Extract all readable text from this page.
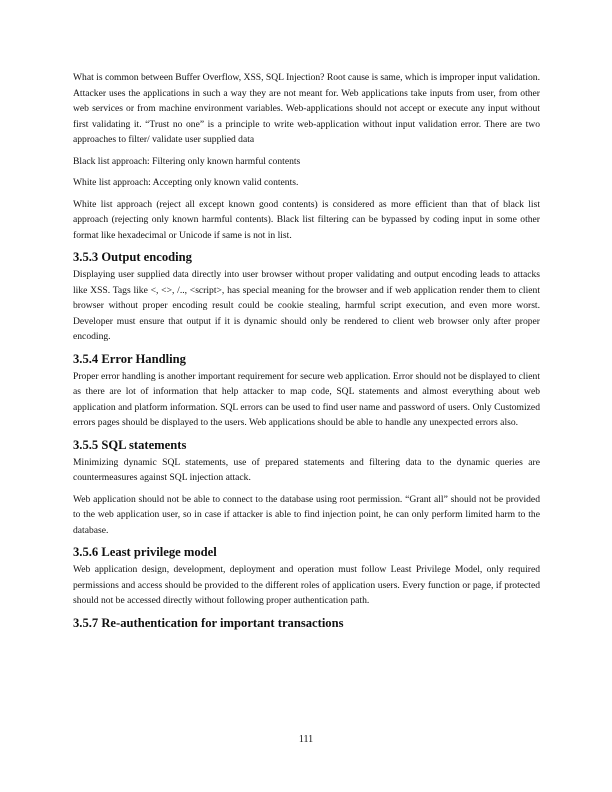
What is common between Buffer Overflow, XSS, SQL Injection? Root cause is same, which is improper input validation. Attacker uses the applications in such a way they are not meant for. Web applications take inputs from user, from other web services or from machine environment variables. Web-applications should not accept or execute any input without first validating it. “Trust no one” is a principle to write web-application without input validation error. There are two approaches to filter/ validate user supplied data

Black list approach: Filtering only known harmful contents

White list approach: Accepting only known valid contents.

White list approach (reject all except known good contents) is considered as more efficient than that of black list approach (rejecting only known harmful contents). Black list filtering can be bypassed by coding input in some other format like hexadecimal or Unicode if same is not in list.

3.5.3 Output encoding

Displaying user supplied data directly into user browser without proper validating and output encoding leads to attacks like XSS. Tags like <, <>, /.., <script>, has special meaning for the browser and if web application render them to client browser without proper encoding result could be cookie stealing, harmful script execution, and even more worst. Developer must ensure that output if it is dynamic should only be rendered to client web browser only after proper encoding.

3.5.4 Error Handling

Proper error handling is another important requirement for secure web application. Error should not be displayed to client as there are lot of information that help attacker to map code, SQL statements and almost everything about web application and platform information. SQL errors can be used to find user name and password of users. Only Customized errors pages should be displayed to the users. Web applications should be able to handle any unexpected errors also.

3.5.5 SQL statements

Minimizing dynamic SQL statements, use of prepared statements and filtering data to the dynamic queries are countermeasures against SQL injection attack.

Web application should not be able to connect to the database using root permission. “Grant all” should not be provided to the web application user, so in case if attacker is able to find injection point, he can only perform limited harm to the database.

3.5.6 Least privilege model

Web application design, development, deployment and operation must follow Least Privilege Model, only required permissions and access should be provided to the different roles of application users. Every function or page, if protected should not be accessed directly without following proper authentication path.

3.5.7 Re-authentication for important transactions
111
